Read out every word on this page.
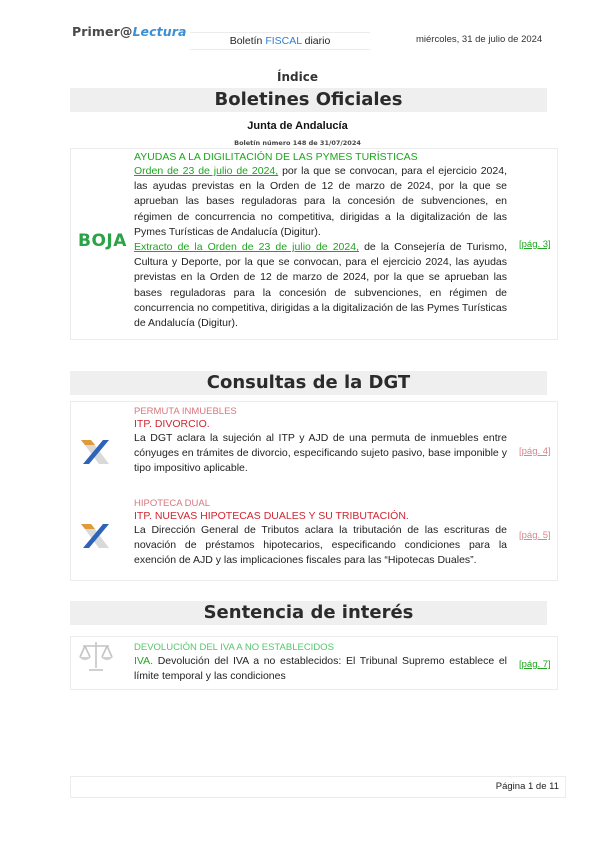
Primer@Lectura
Boletín FISCAL diario	miércoles, 31 de julio de 2024
Índice
Boletines Oficiales
Junta de Andalucía
Boletín número 148 de 31/07/2024
BOJA
AYUDAS A LA DIGILITACIÓN DE LAS PYMES TURÍSTICAS
Orden de 23 de julio de 2024, por la que se convocan, para el ejercicio 2024, las ayudas previstas en la Orden de 12 de marzo de 2024, por la que se aprueban las bases reguladoras para la concesión de subvenciones, en régimen de concurrencia no competitiva, dirigidas a la digitalización de las Pymes Turísticas de Andalucía (Digitur).
Extracto de la Orden de 23 de julio de 2024, de la Consejería de Turismo, Cultura y Deporte, por la que se convocan, para el ejercicio 2024, las ayudas previstas en la Orden de 12 de marzo de 2024, por la que se aprueban las bases reguladoras para la concesión de subvenciones, en régimen de concurrencia no competitiva, dirigidas a la digitalización de las Pymes Turísticas de Andalucía (Digitur).
[pág. 3]
Consultas de la DGT
PERMUTA INMUEBLES
ITP. DIVORCIO.
La DGT aclara la sujeción al ITP y AJD de una permuta de inmuebles entre cónyuges en trámites de divorcio, especificando sujeto pasivo, base imponible y tipo impositivo aplicable.
[pág. 4]
HIPOTECA DUAL
ITP. NUEVAS HIPOTECAS DUALES Y SU TRIBUTACIÓN.
La Dirección General de Tributos aclara la tributación de las escrituras de novación de préstamos hipotecarios, especificando condiciones para la exención de AJD y las implicaciones fiscales para las “Hipotecas Duales”.
[pág. 5]
Sentencia de interés
DEVOLUCIÓN DEL IVA A NO ESTABLECIDOS
IVA. Devolución del IVA a no establecidos: El Tribunal Supremo establece el límite temporal y las condiciones
[pág. 7]
Página 1 de 11
